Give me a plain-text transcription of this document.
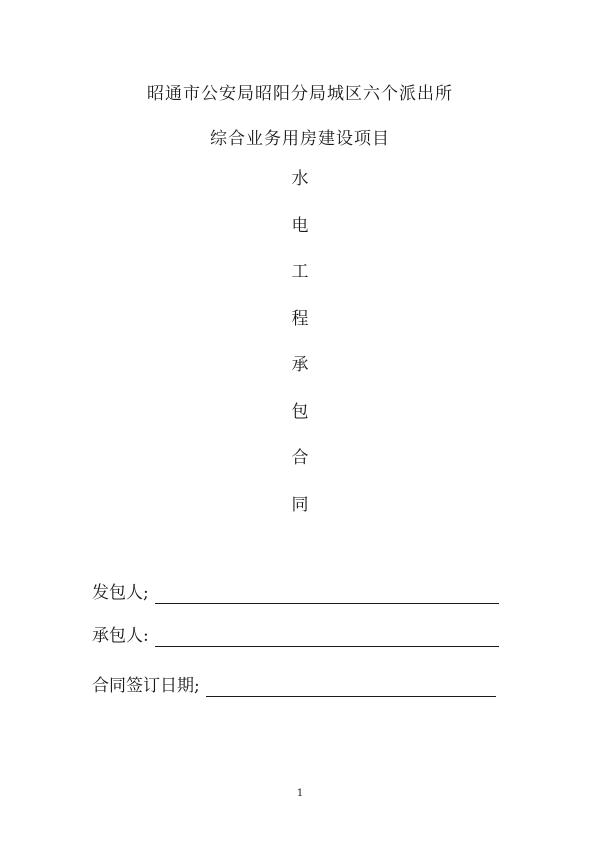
昭通市公安局昭阳分局城区六个派出所
综合业务用房建设项目
水
电
工
程
承
包
合
同
发包人;
承包人:
合同签订日期;
1
